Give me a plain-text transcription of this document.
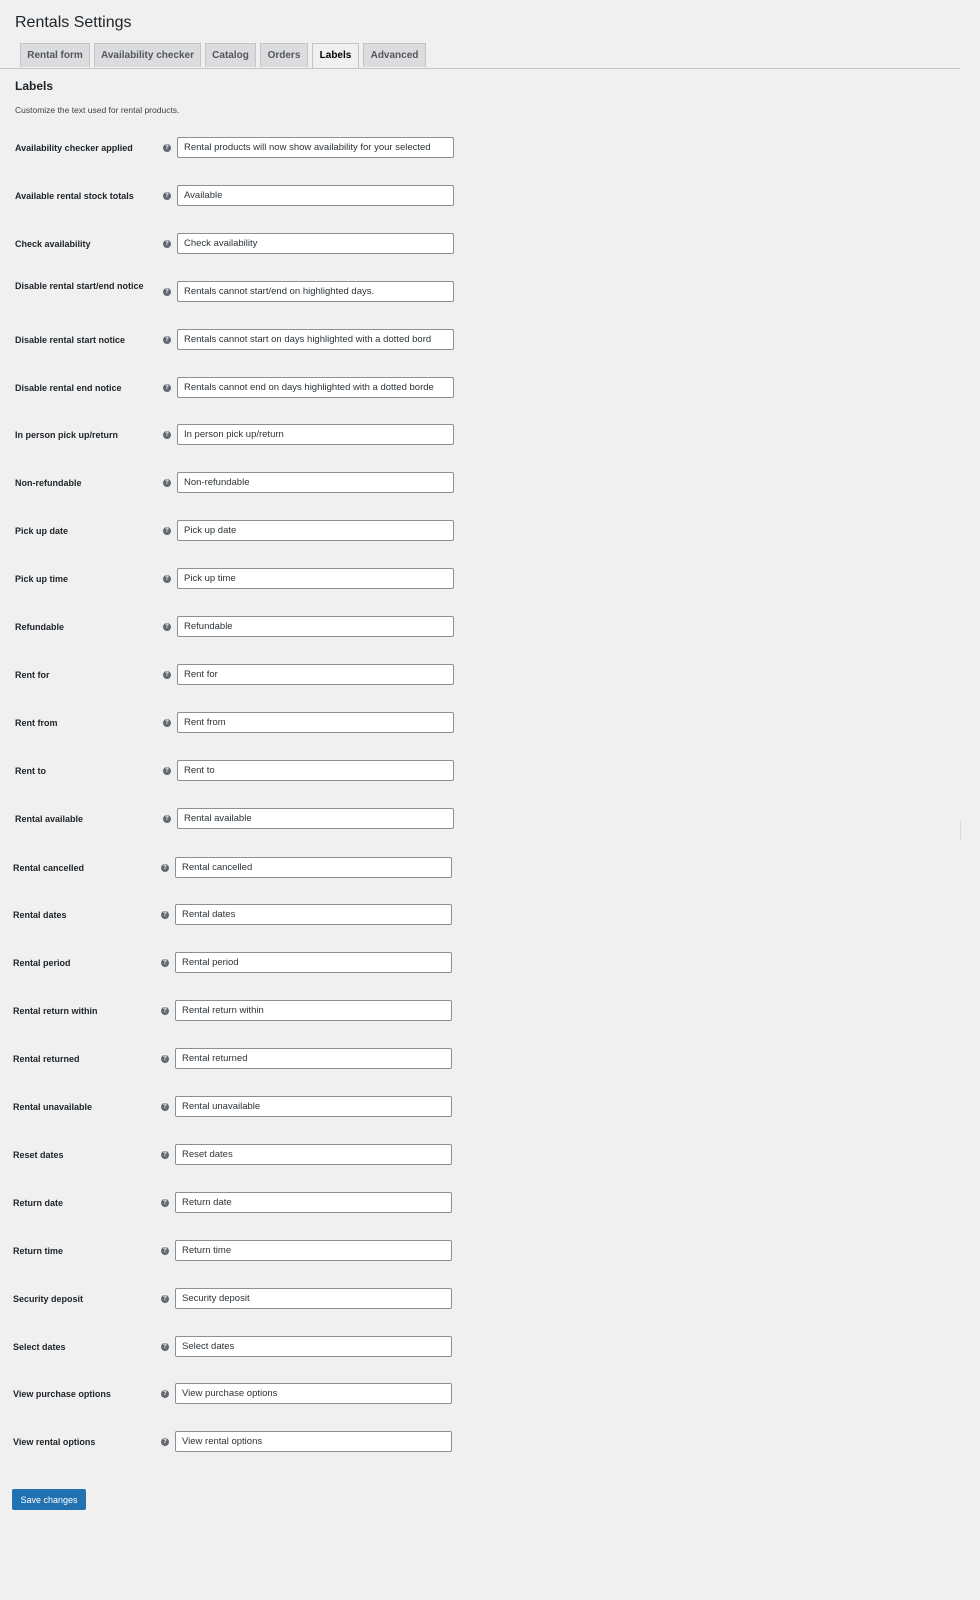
Rentals Settings
Rental form	Availability checker	Catalog	Orders	Labels	Advanced
Labels

Customize the text used for rental products.

Availability checker applied	?
Rental products will now show availability for your selected
Available rental stock totals	?
Available
Check availability	?
Check availability
Disable rental start/end notice
?
Rentals cannot start/end on highlighted days.
Disable rental start notice	?
Rentals cannot start on days highlighted with a dotted bord
Disable rental end notice	?
Rentals cannot end on days highlighted with a dotted borde
In person pick up/return	?
In person pick up/return
Non-refundable	?
Non-refundable
Pick up date	?
Pick up date
Pick up time	?
Pick up time
Refundable	?
Refundable
Rent for	?
Rent for
Rent from	?
Rent from
Rent to	?
Rent to
Rental available	?
Rental available
Rental cancelled	?
Rental cancelled
Rental dates	?
Rental dates
Rental period	?
Rental period
Rental return within	?
Rental return within
Rental returned	?
Rental returned
Rental unavailable	?
Rental unavailable
Reset dates	?
Reset dates
Return date	?
Return date
Return time	?
Return time
Security deposit	?
Security deposit
Select dates	?
Select dates
View purchase options	?
View purchase options
View rental options	?
View rental options
Save changes
